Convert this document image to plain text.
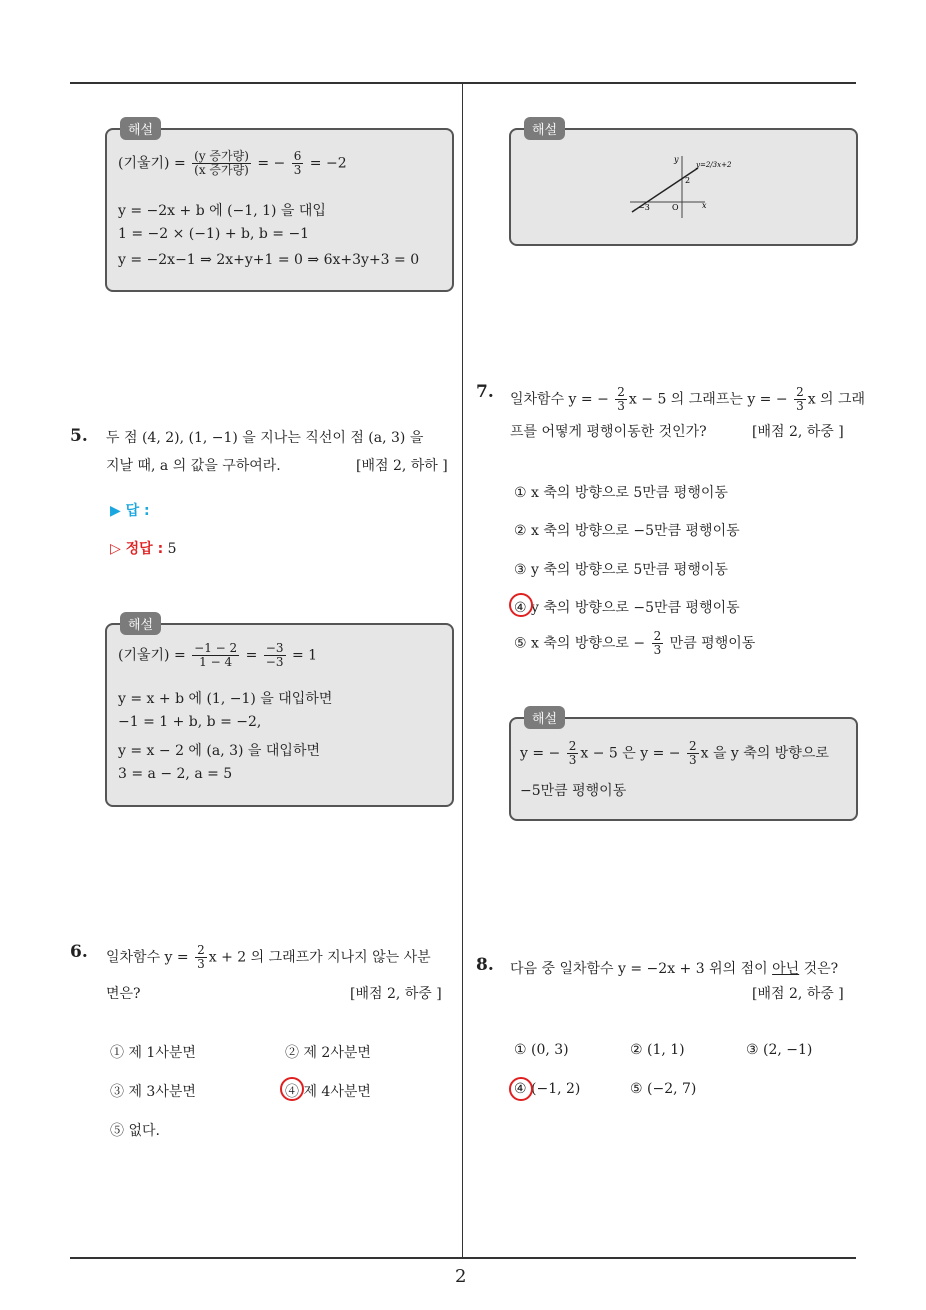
2
해설
(기울기) = $\frac{\text{(y 증가량)}}{\text{(x 증가량)}}$ = − $\frac{6}{3} = -2$
y = −2x + b 에 (−1, 1) 을 대입
1 = −2 × (−1) + b, b = −1
y = −2x−1 ⇒ 2x+y+1 = 0 ⇒ 6x+3y+3 = 0
해설
y
x
O
2
−3
y=2/3x+2
5. 두 점 (4, 2), (1, −1) 을 지나는 직선이 점 (a, 3) 을
지날 때, a 의 값을 구하여라.	[배점 2, 하하 ]
▶ 답 :
▷ 정답 : 5
해설
(기울기) = $\frac{-1 - 2}{1 - 4} = \frac{-3}{-3} = 1$
y = x + b 에 (1, −1) 을 대입하면
−1 = 1 + b, b = −2,
y = x − 2 에 (a, 3) 을 대입하면
3 = a − 2, a = 5
6. 일차함수 $y = \frac{2}{3}$ x + 2 의 그래프가 지나지 않는 사분
면은?	[배점 2, 하중 ]
① 제 1사분면	② 제 2사분면
③ 제 3사분면	④ 제 4사분면
⑤ 없다.
7. 일차함수 y = − $\frac{2}{3}$ x − 5 의 그래프는 y = − $\frac{2}{3}$ x 의 그래
프를 어떻게 평행이동한 것인가?	[배점 2, 하중 ]
① x 축의 방향으로 5만큼 평행이동
② x 축의 방향으로 −5만큼 평행이동
③ y 축의 방향으로 5만큼 평행이동
④ y 축의 방향으로 −5만큼 평행이동
⑤ x 축의 방향으로 − $\frac{2}{3}$ 만큼 평행이동
해설
y = − $\frac{2}{3}$ x − 5 은 y = − $\frac{2}{3}$ x 을 y 축의 방향으로
−5만큼 평행이동
8. 다음 중 일차함수 y = −2x + 3 위의 점이 아닌 것은?
[배점 2, 하중 ]
① (0, 3)	② (1, 1)	③ (2, −1)
④ (−1, 2)	⑤ (−2, 7)
